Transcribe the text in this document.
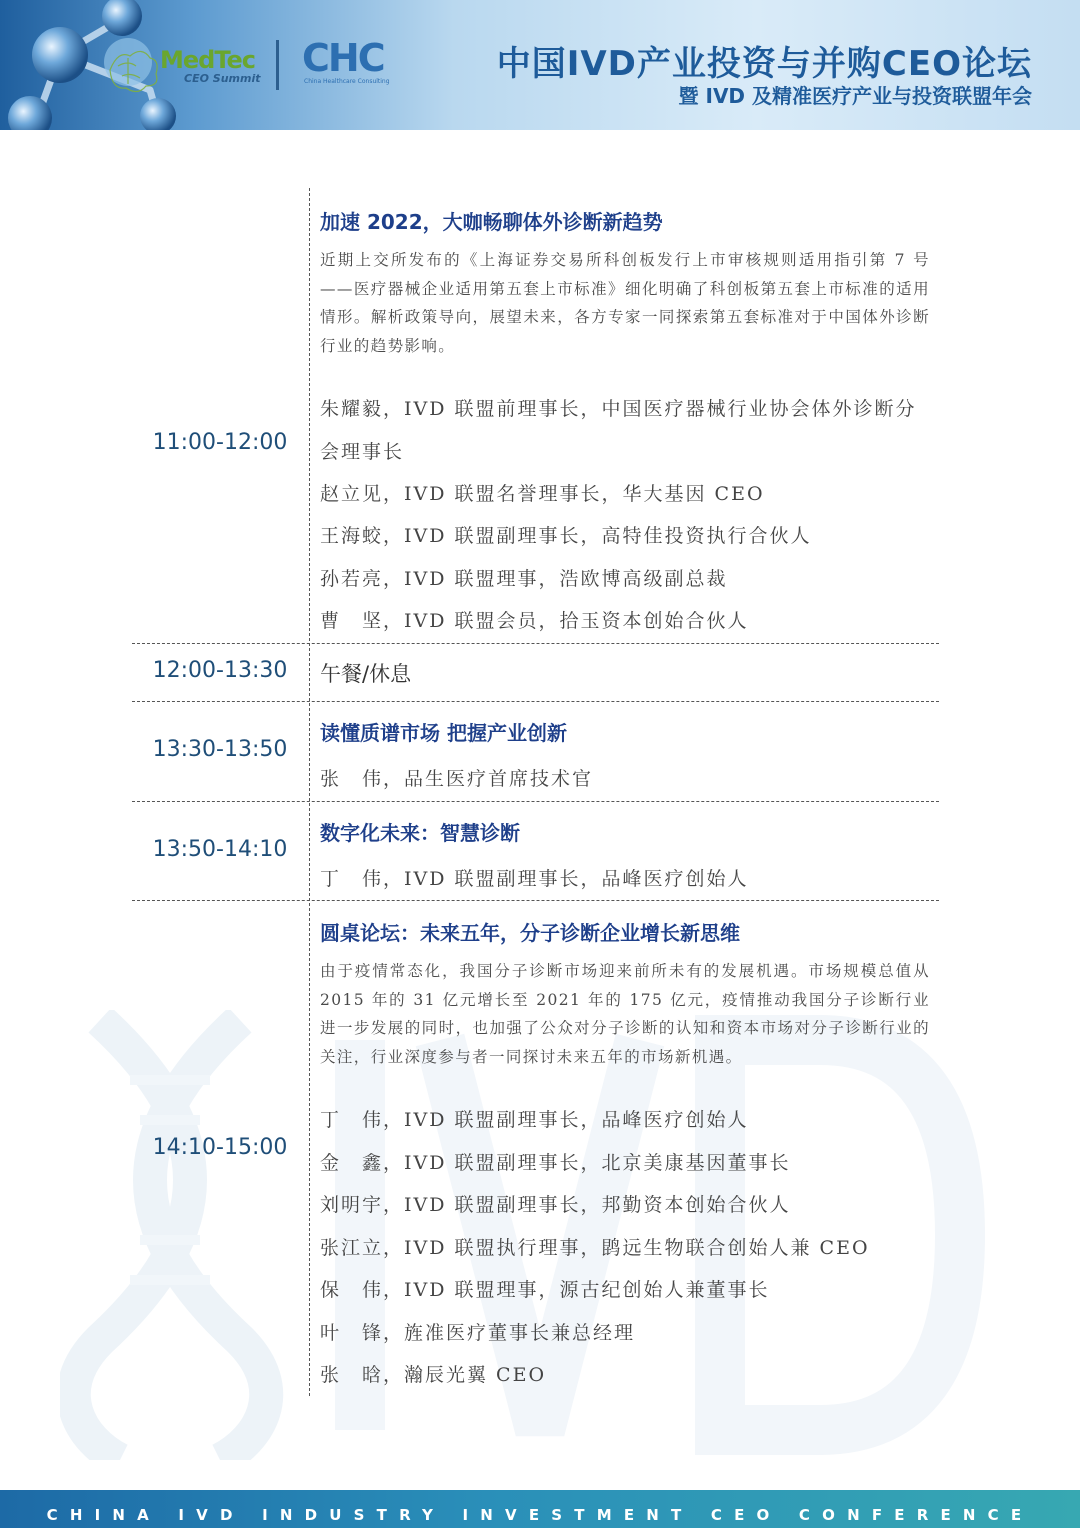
MedTec
CEO Summit CHC
China Healthcare Consulting	中国IVD产业投资与并购CEO论坛
暨 IVD 及精准医疗产业与投资联盟年会
11:00-12:00
加速 2022，大咖畅聊体外诊断新趋势
近期上交所发布的《上海证券交易所科创板发行上市审核规则适用指引第 7 号——医疗器械企业适用第五套上市标准》细化明确了科创板第五套上市标准的适用情形。解析政策导向，展望未来，各方专家一同探索第五套标准对于中国体外诊断行业的趋势影响。
朱耀毅，IVD 联盟前理事长，中国医疗器械行业协会体外诊断分会理事长
赵立见，IVD 联盟名誉理事长，华大基因 CEO
王海蛟，IVD 联盟副理事长，高特佳投资执行合伙人
孙若亮，IVD 联盟理事，浩欧博高级副总裁
曹　坚，IVD 联盟会员，拾玉资本创始合伙人
12:00-13:30	午餐/休息
13:30-13:50
读懂质谱市场 把握产业创新
张　伟，品生医疗首席技术官
13:50-14:10
数字化未来：智慧诊断
丁　伟，IVD 联盟副理事长，品峰医疗创始人
14:10-15:00
圆桌论坛：未来五年，分子诊断企业增长新思维
由于疫情常态化，我国分子诊断市场迎来前所未有的发展机遇。市场规模总值从 2015 年的 31 亿元增长至 2021 年的 175 亿元，疫情推动我国分子诊断行业进一步发展的同时，也加强了公众对分子诊断的认知和资本市场对分子诊断行业的关注，行业深度参与者一同探讨未来五年的市场新机遇。
丁　伟，IVD 联盟副理事长，品峰医疗创始人
金　鑫，IVD 联盟副理事长，北京美康基因董事长
刘明宇，IVD 联盟副理事长，邦勤资本创始合伙人
张江立，IVD 联盟执行理事，鹍远生物联合创始人兼 CEO
保　伟，IVD 联盟理事，源古纪创始人兼董事长
叶　锋，旌准医疗董事长兼总经理
张　晗，瀚辰光翼 CEO
CHINA IVD INDUSTRY INVESTMENT CEO CONFERENCE
